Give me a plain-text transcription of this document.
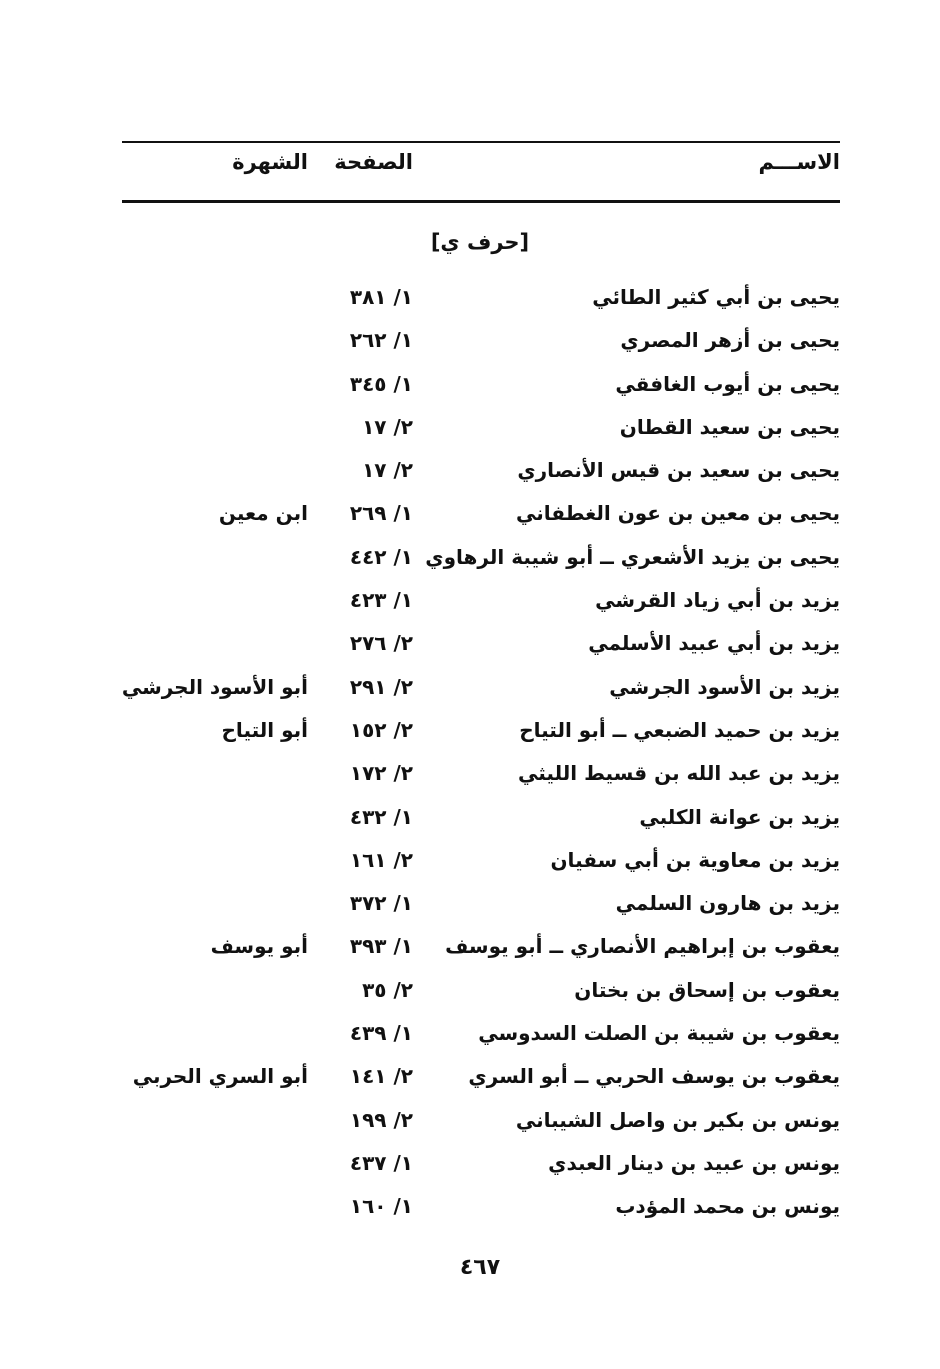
الاســـم
الصفحة
الشهرة
[حرف ي]
يحيى بن أبي كثير الطائي
١/ ٣٨١
يحيى بن أزهر المصري
١/ ٢٦٢
يحيى بن أيوب الغافقي
١/ ٣٤٥
يحيى بن سعيد القطان
٢/ ١٧
يحيى بن سعيد بن قيس الأنصاري
٢/ ١٧
يحيى بن معين بن عون الغطفاني
١/ ٢٦٩
ابن معين
يحيى بن يزيد الأشعري ــ أبو شيبة الرهاوي
١/ ٤٤٢
يزيد بن أبي زياد القرشي
١/ ٤٢٣
يزيد بن أبي عبيد الأسلمي
٢/ ٢٧٦
يزيد بن الأسود الجرشي
٢/ ٢٩١
أبو الأسود الجرشي
يزيد بن حميد الضبعي ــ أبو التياح
٢/ ١٥٢
أبو التياح
يزيد بن عبد الله بن قسيط الليثي
٢/ ١٧٢
يزيد بن عوانة الكلبي
١/ ٤٣٢
يزيد بن معاوية بن أبي سفيان
٢/ ١٦١
يزيد بن هارون السلمي
١/ ٣٧٢
يعقوب بن إبراهيم الأنصاري ــ أبو يوسف
١/ ٣٩٣
أبو يوسف
يعقوب بن إسحاق بن بختان
٢/ ٣٥
يعقوب بن شيبة بن الصلت السدوسي
١/ ٤٣٩
يعقوب بن يوسف الحربي ــ أبو السري
٢/ ١٤١
أبو السري الحربي
يونس بن بكير بن واصل الشيباني
٢/ ١٩٩
يونس بن عبيد بن دينار العبدي
١/ ٤٣٧
يونس بن محمد المؤدب
١/ ١٦٠
٤٦٧
